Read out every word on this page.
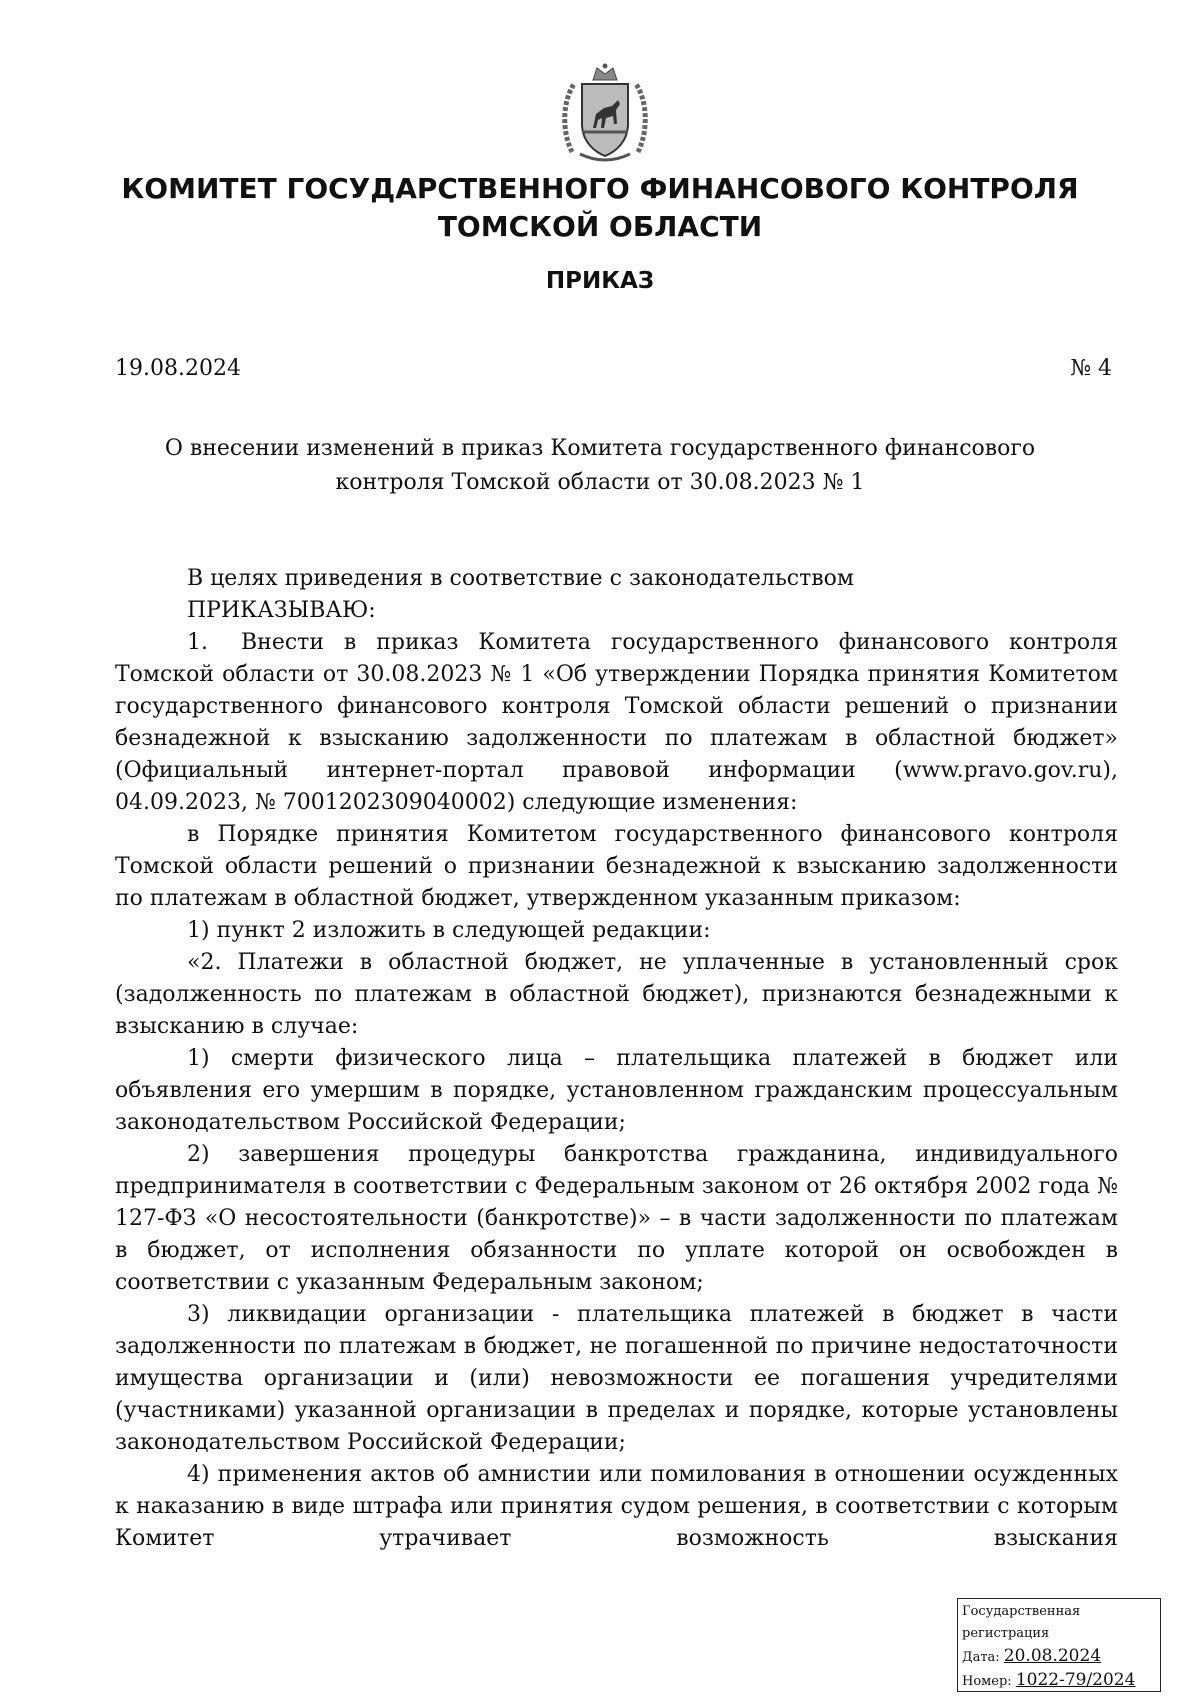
КОМИТЕТ ГОСУДАРСТВЕННОГО ФИНАНСОВОГО КОНТРОЛЯ
ТОМСКОЙ ОБЛАСТИ
ПРИКАЗ
19.08.2024	№ 4
О внесении изменений в приказ Комитета государственного финансового
контроля Томской области от 30.08.2023 № 1

В целях приведения в соответствие с законодательством

ПРИКАЗЫВАЮ:

1.  Внести в приказ Комитета государственного финансового контроля Томской области от 30.08.2023 № 1 «Об утверждении Порядка принятия Комитетом государственного финансового контроля Томской области решений о признании безнадежной к взысканию задолженности по платежам в областной бюджет» (Официальный интернет-портал правовой информации (www.pravo.gov.ru), 04.09.2023, № 7001202309040002) следующие изменения:

в Порядке принятия Комитетом государственного финансового контроля Томской области решений о признании безнадежной к взысканию задолженности по платежам в областной бюджет, утвержденном указанным приказом:

1) пункт 2 изложить в следующей редакции:

«2. Платежи в областной бюджет, не уплаченные в установленный срок (задолженность по платежам в областной бюджет), признаются безнадежными к взысканию в случае:

1) смерти физического лица – плательщика платежей в бюджет или объявления его умершим в порядке, установленном гражданским процессуальным законодательством Российской Федерации;

2) завершения процедуры банкротства гражданина, индивидуального предпринимателя в соответствии с Федеральным законом от 26 октября 2002 года № 127-ФЗ «О несостоятельности (банкротстве)» – в части задолженности по платежам в бюджет, от исполнения обязанности по уплате которой он освобожден в соответствии с указанным Федеральным законом;

3) ликвидации организации - плательщика платежей в бюджет в части задолженности по платежам в бюджет, не погашенной по причине недостаточности имущества организации и (или) невозможности ее погашения учредителями (участниками) указанной организации в пределах и порядке, которые установлены законодательством Российской Федерации;

4) применения актов об амнистии или помилования в отношении осужденных к наказанию в виде штрафа или принятия судом решения, в соответствии с которым Комитет утрачивает возможность взыскания

Государственная регистрация
Дата: 20.08.2024
Номер: 1022-79/2024
